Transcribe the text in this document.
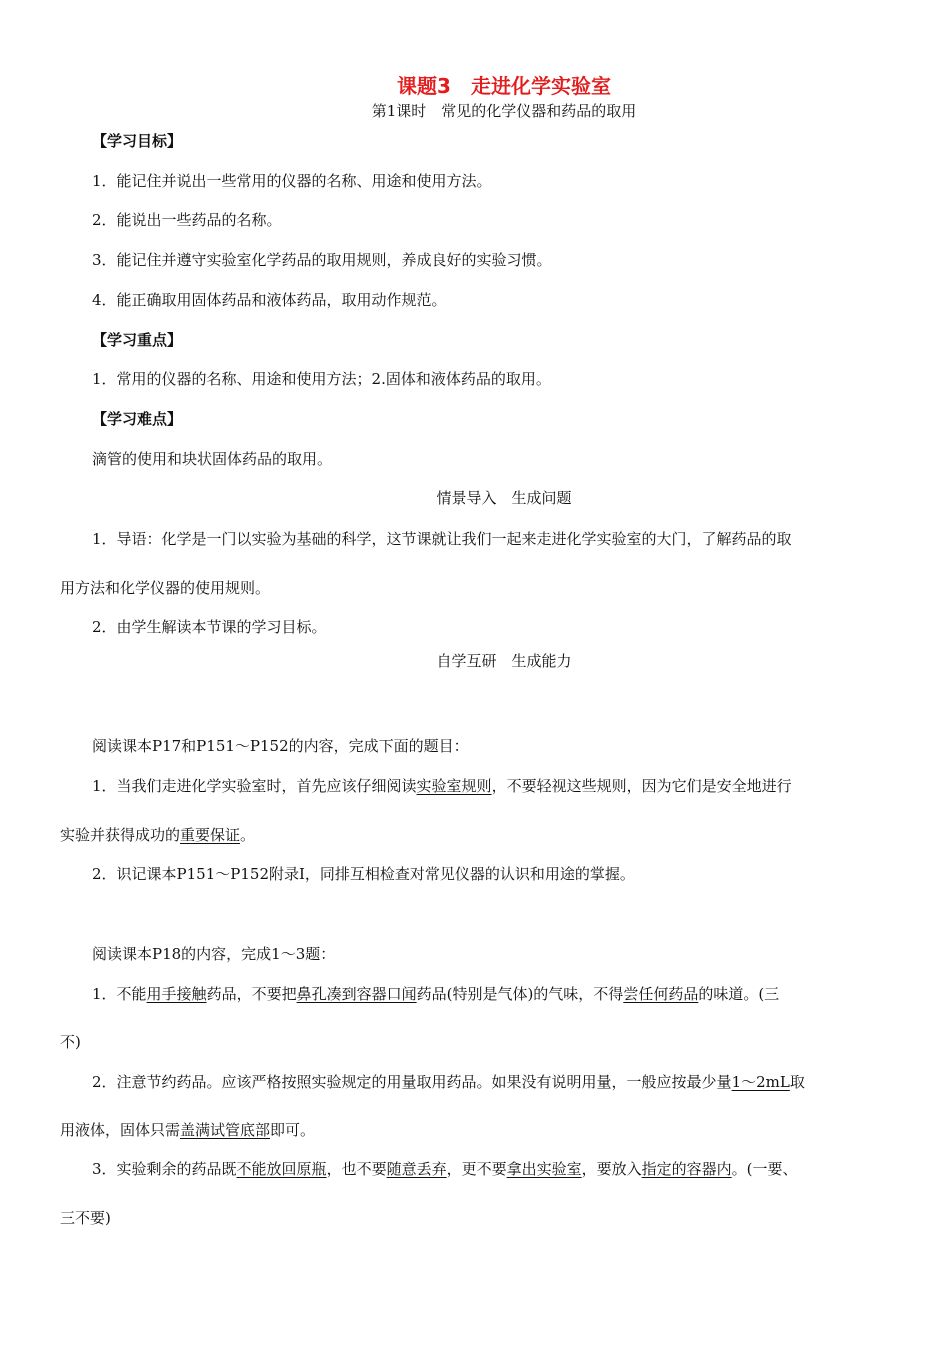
课题3　走进化学实验室
第1课时　常见的化学仪器和药品的取用
【学习目标】
1．能记住并说出一些常用的仪器的名称、用途和使用方法。
2．能说出一些药品的名称。
3．能记住并遵守实验室化学药品的取用规则，养成良好的实验习惯。
4．能正确取用固体药品和液体药品，取用动作规范。
【学习重点】
1．常用的仪器的名称、用途和使用方法；2.固体和液体药品的取用。
【学习难点】
滴管的使用和块状固体药品的取用。
情景导入　生成问题
1．导语：化学是一门以实验为基础的科学，这节课就让我们一起来走进化学实验室的大门，了解药品的取
用方法和化学仪器的使用规则。
2．由学生解读本节课的学习目标。
自学互研　生成能力
阅读课本P17和P151～P152的内容，完成下面的题目：
1．当我们走进化学实验室时，首先应该仔细阅读实验室规则，不要轻视这些规则，因为它们是安全地进行
实验并获得成功的重要保证。
2．识记课本P151～P152附录Ⅰ，同排互相检查对常见仪器的认识和用途的掌握。
阅读课本P18的内容，完成1～3题：
1．不能用手接触药品，不要把鼻孔凑到容器口闻药品(特别是气体)的气味，不得尝任何药品的味道。(三
不)
2．注意节约药品。应该严格按照实验规定的用量取用药品。如果没有说明用量，一般应按最少量1～2mL取
用液体，固体只需盖满试管底部即可。
3．实验剩余的药品既不能放回原瓶，也不要随意丢弃，更不要拿出实验室，要放入指定的容器内。(一要、
三不要)
